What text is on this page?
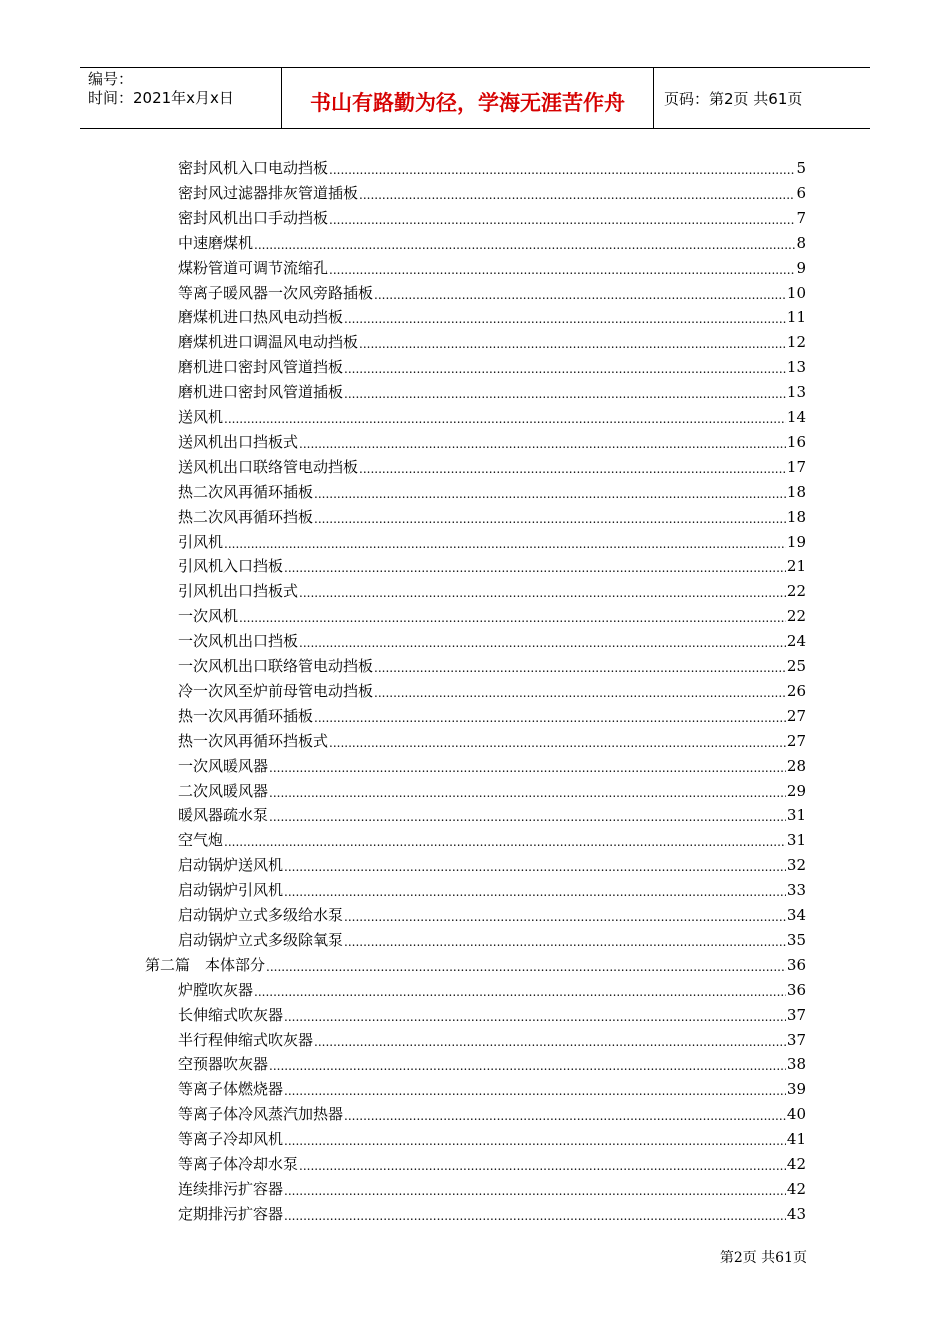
编号：
时间：2021年x月x日	书山有路勤为径，学海无涯苦作舟	页码：第2页 共61页
密封风机入口电动挡板 .....	5
密封风过滤器排灰管道插板 .....	6
密封风机出口手动挡板 .....	7
中速磨煤机 .....	8
煤粉管道可调节流缩孔 .....	9
等离子暖风器一次风旁路插板 .....	10
磨煤机进口热风电动挡板 .....	11
磨煤机进口调温风电动挡板 .....	12
磨机进口密封风管道挡板 .....	13
磨机进口密封风管道插板 .....	13
送风机 .....	14
送风机出口挡板式 .....	16
送风机出口联络管电动挡板 .....	17
热二次风再循环插板 .....	18
热二次风再循环挡板 .....	18
引风机 .....	19
引风机入口挡板 .....	21
引风机出口挡板式 .....	22
一次风机 .....	22
一次风机出口挡板 .....	24
一次风机出口联络管电动挡板 .....	25
冷一次风至炉前母管电动挡板 .....	26
热一次风再循环插板 .....	27
热一次风再循环挡板式 .....	27
一次风暖风器 .....	28
二次风暖风器 .....	29
暖风器疏水泵 .....	31
空气炮 .....	31
启动锅炉送风机 .....	32
启动锅炉引风机 .....	33
启动锅炉立式多级给水泵 .....	34
启动锅炉立式多级除氧泵 .....	35
第二篇　本体部分 .....	36
炉膛吹灰器 .....	36
长伸缩式吹灰器 .....	37
半行程伸缩式吹灰器 .....	37
空预器吹灰器 .....	38
等离子体燃烧器 .....	39
等离子体冷风蒸汽加热器 .....	40
等离子冷却风机 .....	41
等离子体冷却水泵 .....	42
连续排污扩容器 .....	42
定期排污扩容器 .....	43
第2页 共61页
